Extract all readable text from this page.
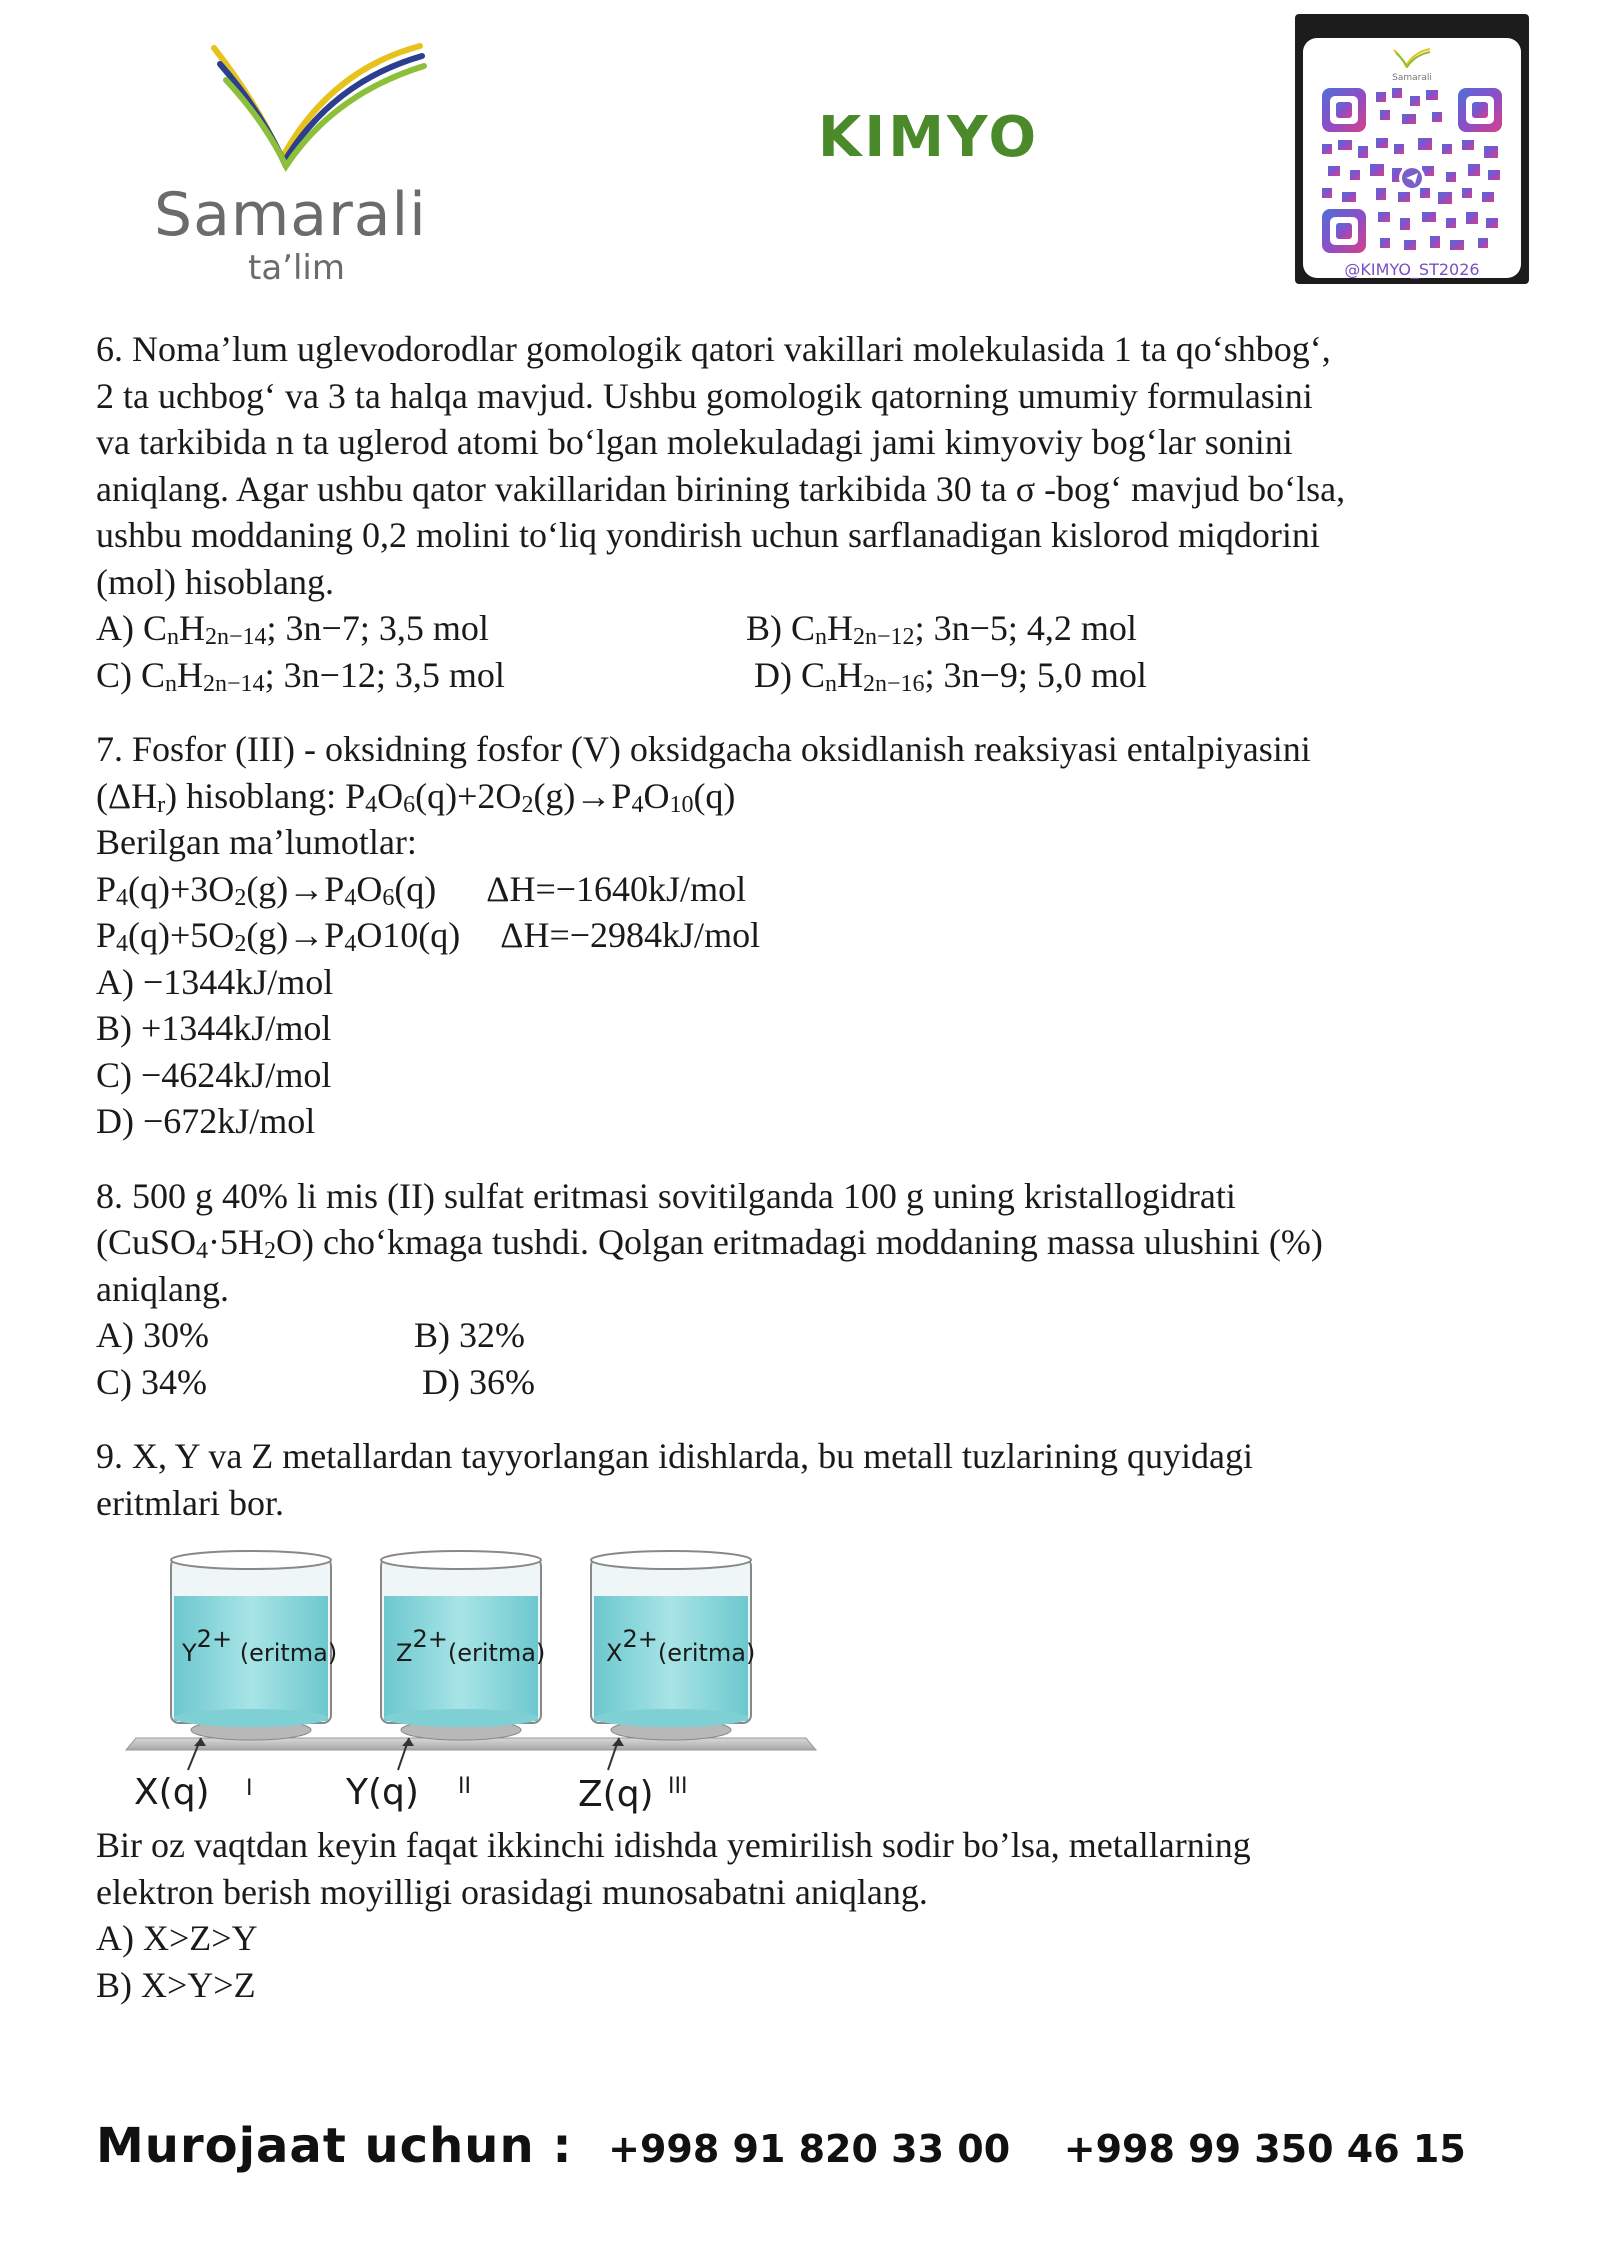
Samarali
ta’lim
KIMYO
Samarali
@KIMYO_ST2026

6. Noma’lum uglevodorodlar gomologik qatori vakillari molekulasida 1 ta qo‘shbog‘,

2 ta uchbog‘ va 3 ta halqa mavjud. Ushbu gomologik qatorning umumiy formulasini

va tarkibida n ta uglerod atomi bo‘lgan molekuladagi jami kimyoviy bog‘lar sonini

aniqlang. Agar ushbu qator vakillaridan birining tarkibida 30 ta σ -bog‘ mavjud bo‘lsa,

ushbu moddaning 0,2 molini to‘liq yondirish uchun sarflanadigan kislorod miqdorini

(mol) hisoblang.

A) $C_nH_{2n-14}$; 3n−7; 3,5 mol	B) $C_nH_{2n-12}$; 3n−5; 4,2 mol
C) $C_nH_{2n-14}$; 3n−12; 3,5 mol	D) $C_nH_{2n-16}$; 3n−9; 5,0 mol

7. Fosfor (III) - oksidning fosfor (V) oksidgacha oksidlanish reaksiyasi entalpiyasini

$(\Delta H_r)$ hisoblang: $P_4O_6(q)+2O_2(g)\to P_4O_{10}(q)$

Berilgan ma’lumotlar:

$P_4(q)+3O_2(g)\to P_4O_6(q)$ ΔH=−1640kJ/mol

$P_4(q)+5O_2(g)\to P_4O10(q)$ ΔH=−2984kJ/mol

A) −1344kJ/mol

B) +1344kJ/mol

C) −4624kJ/mol

D) −672kJ/mol

8. 500 g 40% li mis (II) sulfat eritmasi sovitilganda 100 g uning kristallogidrati

$(CuSO_4\cdot 5H_2O)$ cho‘kmaga tushdi. Qolgan eritmadagi moddaning massa ulushini (%)

aniqlang.

A) 30%	B) 32%
C) 34%	D) 36%

9. X, Y va Z metallardan tayyorlangan idishlarda, bu metall tuzlarining quyidagi

eritmlari bor.

$Y^{2+}$ (eritma) $Z^{2+}(eritma)$	$X^{2+}(eritma)$
X(q)	Y(q)	Z(q)
I	II	III

Bir oz vaqtdan keyin faqat ikkinchi idishda yemirilish sodir bo’lsa, metallarning

elektron berish moyilligi orasidagi munosabatni aniqlang.

A) X>Z>Y

B) X>Y>Z

Murojaat uchun : +998 91 820 33 00 +998 99 350 46 15
